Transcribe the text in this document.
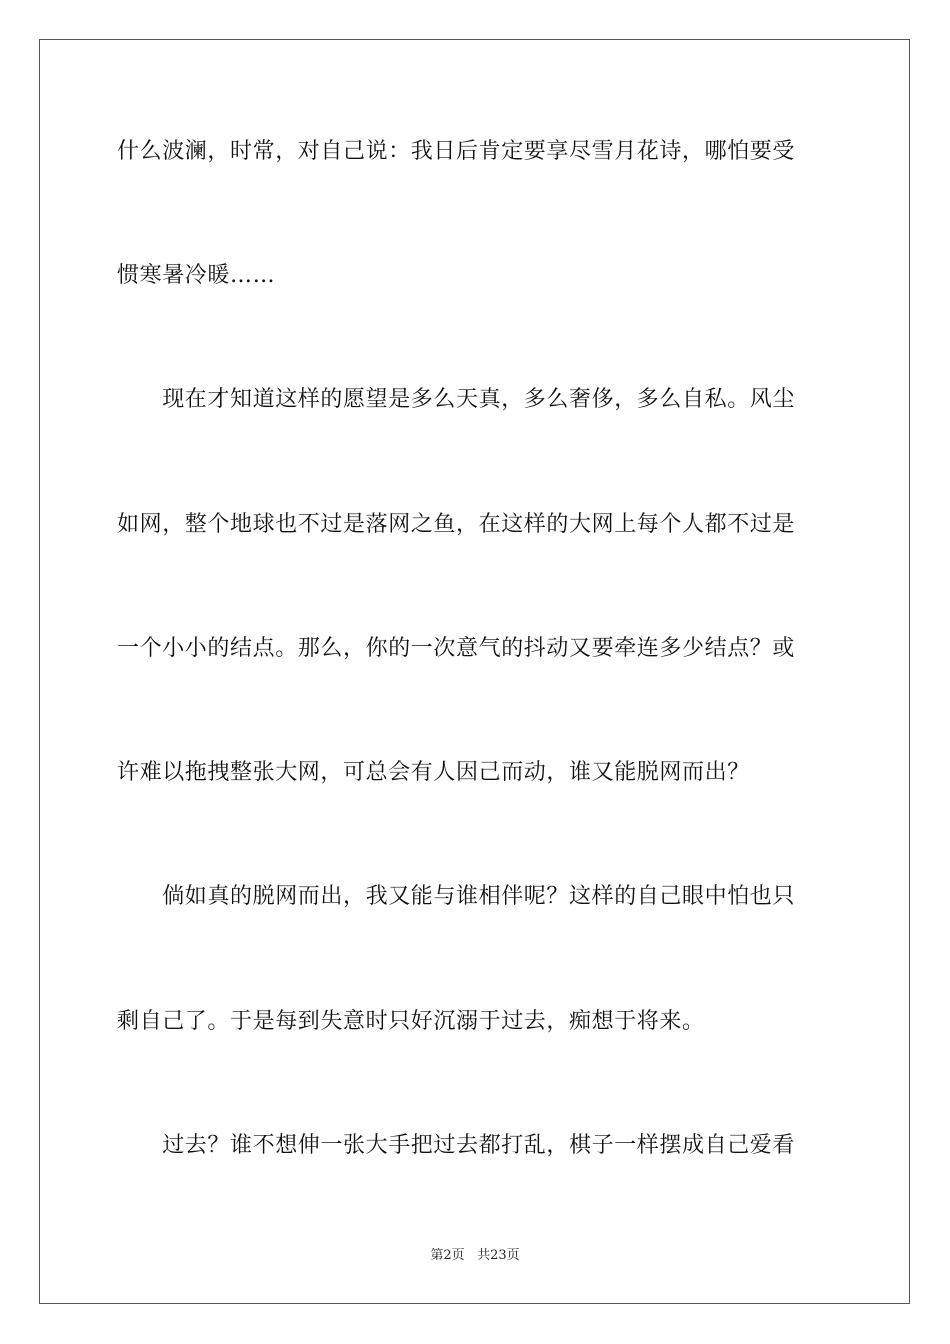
什么波澜，时常，对自己说：我日后肯定要享尽雪月花诗，哪怕要受
惯寒暑冷暖……
　　现在才知道这样的愿望是多么天真，多么奢侈，多么自私。风尘
如网，整个地球也不过是落网之鱼，在这样的大网上每个人都不过是
一个小小的结点。那么，你的一次意气的抖动又要牵连多少结点？或
许难以拖拽整张大网，可总会有人因己而动，谁又能脱网而出？
　　倘如真的脱网而出，我又能与谁相伴呢？这样的自己眼中怕也只
剩自己了。于是每到失意时只好沉溺于过去，痴想于将来。
　　过去？谁不想伸一张大手把过去都打乱，棋子一样摆成自己爱看
第2页 共23页
